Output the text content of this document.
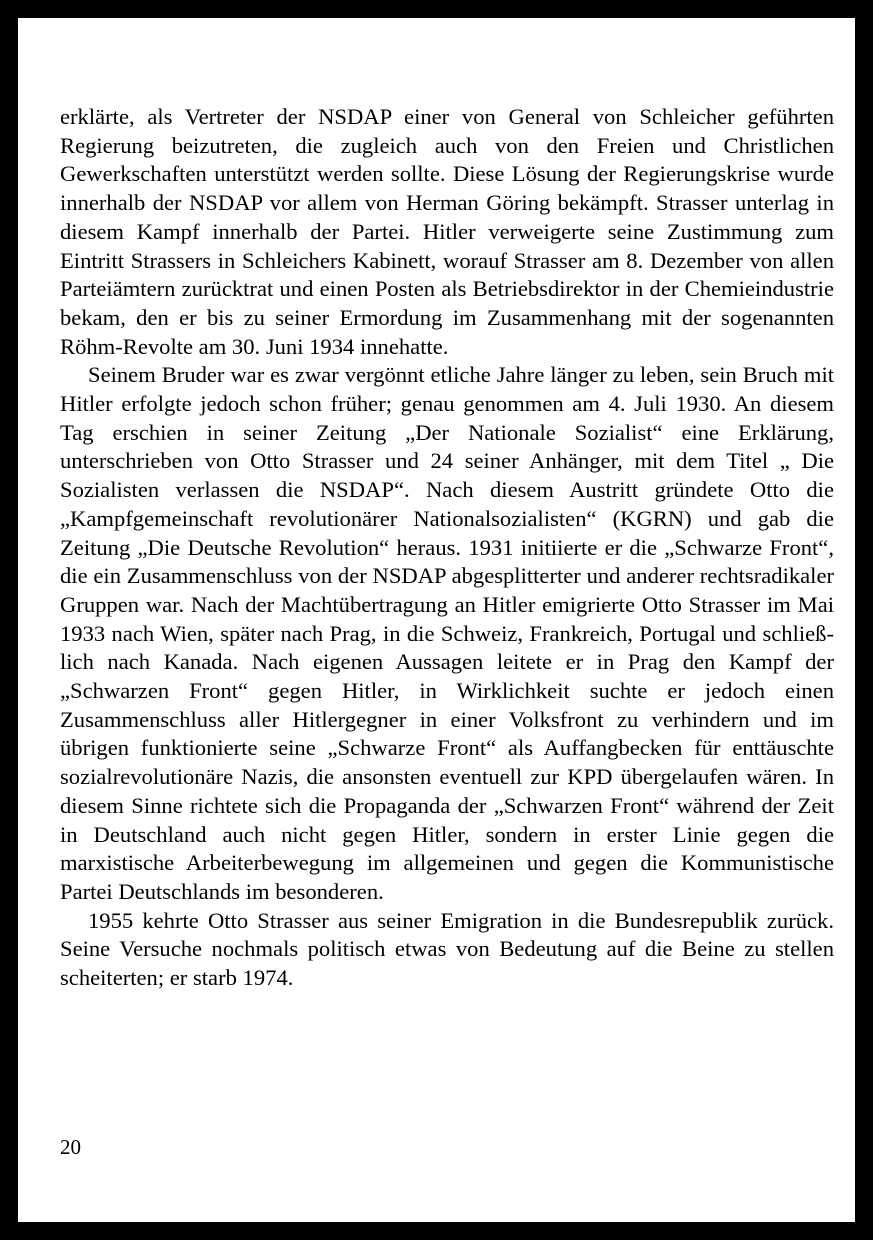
erklärte, als Vertreter der NSDAP einer von General von Schleicher geführten Regierung beizutreten, die zugleich auch von den Freien und Christlichen Gewerkschaften unterstützt werden sollte. Diese Lösung der Regierungskrise wurde innerhalb der NSDAP vor allem von Herman Göring bekämpft. Strasser unterlag in diesem Kampf innerhalb der Partei. Hitler verweigerte seine Zustimmung zum Eintritt Strassers in Schleichers Kabinett, worauf Strasser am 8. Dezember von allen Parteiämtern zurücktrat und einen Posten als Betriebsdirektor in der Chemieindustrie bekam, den er bis zu seiner Ermordung im Zusammenhang mit der sogenannten Röhm-Revolte am 30. Juni 1934 innehatte.

Seinem Bruder war es zwar vergönnt etliche Jahre länger zu leben, sein Bruch mit Hitler erfolgte jedoch schon früher; genau genommen am 4. Juli 1930. An diesem Tag erschien in seiner Zeitung „Der Nationale Sozialist“ eine Erklärung, unterschrieben von Otto Strasser und 24 seiner Anhänger, mit dem Titel „ Die Sozialisten verlassen die NSDAP“. Nach diesem Austritt gründete Otto die „Kampfgemeinschaft revolutionärer Nationalsozialisten“ (KGRN) und gab die Zeitung „Die Deutsche Revolution“ heraus. 1931 initiierte er die „Schwarze Front“, die ein Zusammenschluss von der NSDAP abgesplitterter und anderer rechtsradikaler Gruppen war. Nach der Machtübertragung an Hitler emigrierte Otto Strasser im Mai 1933 nach Wien, später nach Prag, in die Schweiz, Frankreich, Portugal und schließlich nach Kanada. Nach eigenen Aussagen leitete er in Prag den Kampf der „Schwarzen Front“ gegen Hitler, in Wirklichkeit suchte er jedoch einen Zusammenschluss aller Hitlergegner in einer Volksfront zu verhindern und im übrigen funktionierte seine „Schwarze Front“ als Auffangbecken für enttäuschte sozialrevolutionäre Nazis, die ansonsten eventuell zur KPD übergelaufen wären. In diesem Sinne richtete sich die Propaganda der „Schwarzen Front“ während der Zeit in Deutschland auch nicht gegen Hitler, sondern in erster Linie gegen die marxistische Arbeiterbewegung im allgemeinen und gegen die Kommunistische Partei Deutschlands im besonderen.

1955 kehrte Otto Strasser aus seiner Emigration in die Bundesrepublik zurück. Seine Versuche nochmals politisch etwas von Bedeutung auf die Beine zu stellen scheiterten; er starb 1974.

20
